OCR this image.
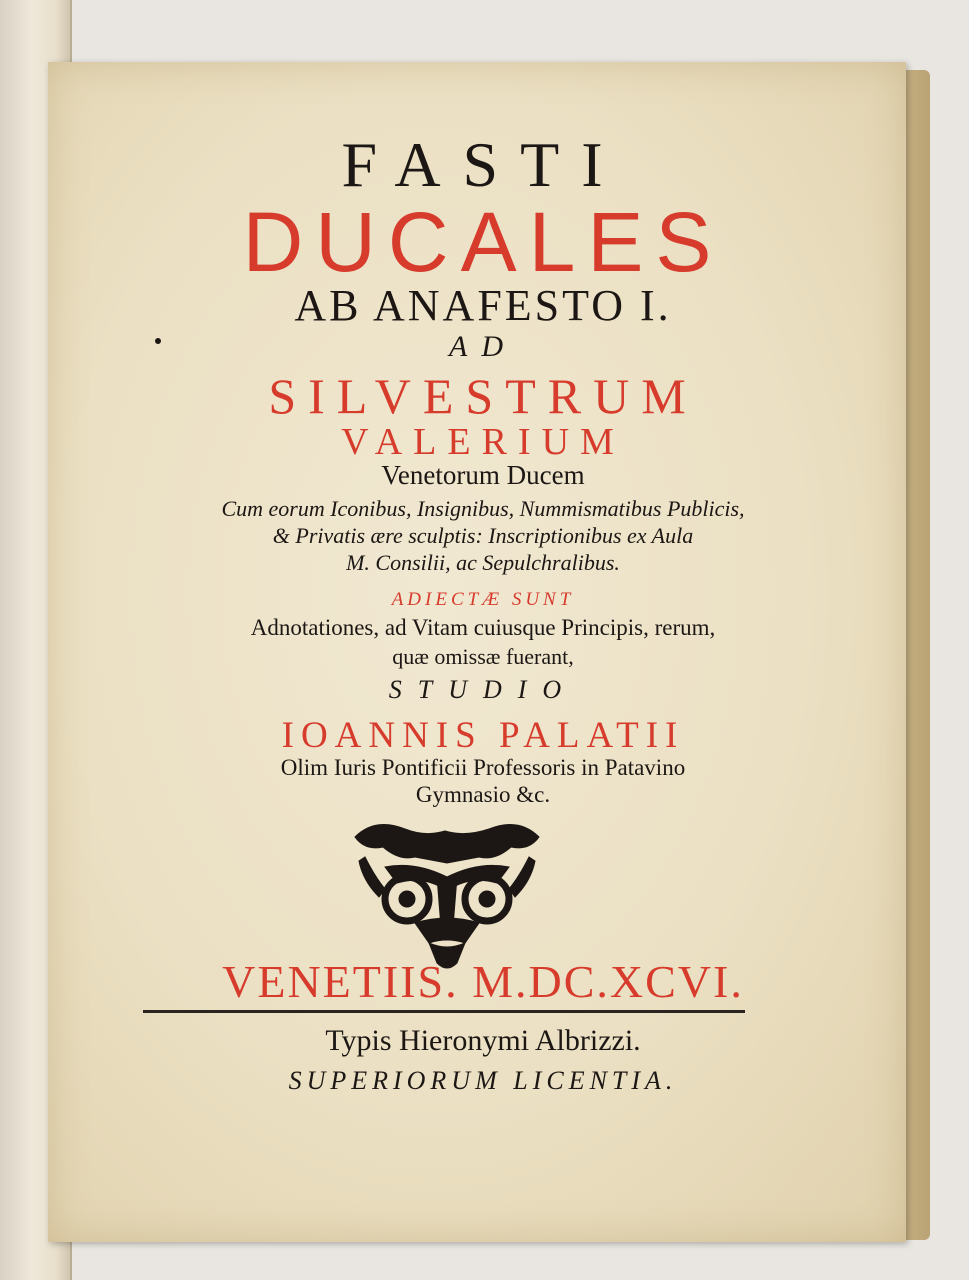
FASTI

DUCALES

AB ANAFESTO I.

AD

SILVESTRUM

VALERIUM

Venetorum Ducem

Cum eorum Iconibus, Insignibus, Nummismatibus Publicis,

& Privatis ære sculptis: Inscriptionibus ex Aula

M. Consilii, ac Sepulchralibus.

ADIECTÆ SUNT

Adnotationes, ad Vitam cuiusque Principis, rerum,

quæ omissæ fuerant,

STUDIO

IOANNIS PALATII

Olim Iuris Pontificii Professoris in Patavino

Gymnasio &c.

VENETIIS. M.DC.XCVI.

Typis Hieronymi Albrizzi.

SUPERIORUM LICENTIA.
